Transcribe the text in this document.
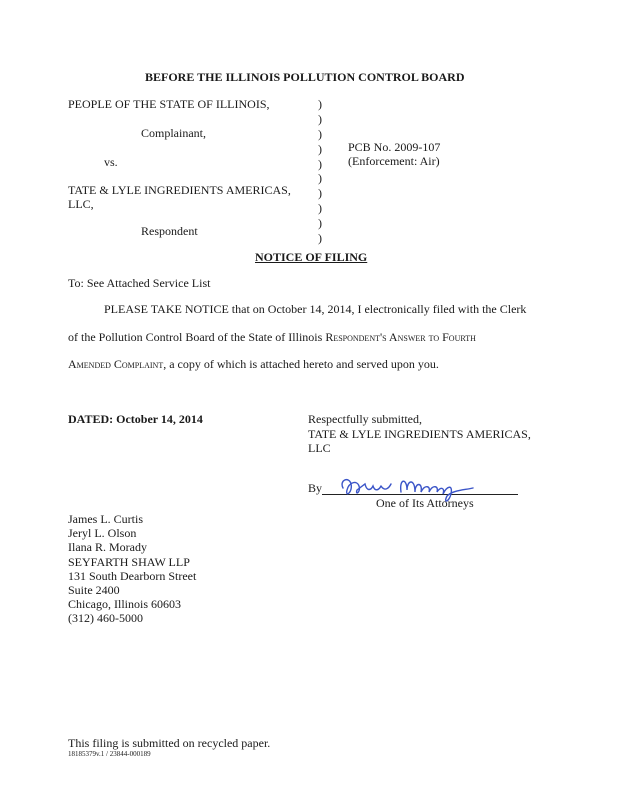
BEFORE THE ILLINOIS POLLUTION CONTROL BOARD
PEOPLE OF THE STATE OF ILLINOIS,
Complainant,
vs.
TATE & LYLE INGREDIENTS AMERICAS,
LLC,
Respondent
)
)
)
)
)
)
)
)
)
)
PCB No. 2009-107
(Enforcement: Air)
NOTICE OF FILING
To: See Attached Service List
PLEASE TAKE NOTICE that on October 14, 2014, I electronically filed with the Clerk
of the Pollution Control Board of the State of Illinois Respondent's Answer to Fourth
Amended Complaint, a copy of which is attached hereto and served upon you.
DATED: October 14, 2014	Respectfully submitted,
TATE & LYLE INGREDIENTS AMERICAS,
LLC
By
One of Its Attorneys
James L. Curtis
Jeryl L. Olson
Ilana R. Morady
SEYFARTH SHAW LLP
131 South Dearborn Street
Suite 2400
Chicago, Illinois 60603
(312) 460-5000
This filing is submitted on recycled paper.
18185379v.1 / 23844-000189
